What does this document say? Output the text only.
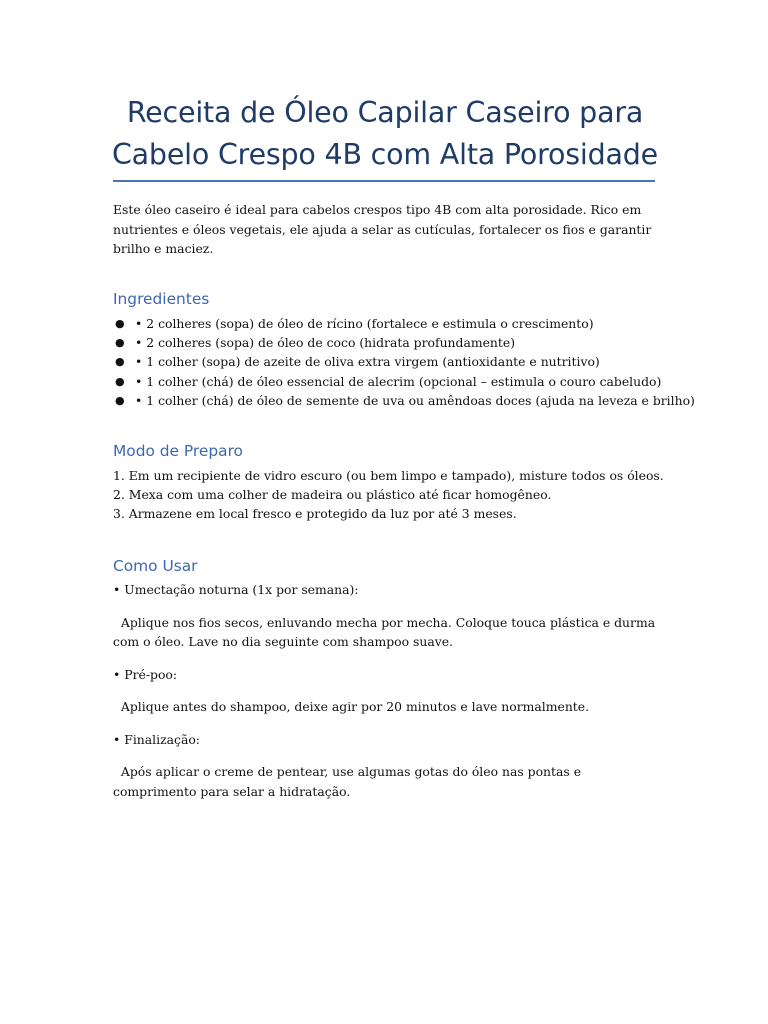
Receita de Óleo Capilar Caseiro para
Cabelo Crespo 4B com Alta Porosidade

Este óleo caseiro é ideal para cabelos crespos tipo 4B com alta porosidade. Rico em nutrientes e óleos vegetais, ele ajuda a selar as cutículas, fortalecer os fios e garantir brilho e maciez.

Ingredientes
● • 2 colheres (sopa) de óleo de rícino (fortalece e estimula o crescimento)
● • 2 colheres (sopa) de óleo de coco (hidrata profundamente)
● • 1 colher (sopa) de azeite de oliva extra virgem (antioxidante e nutritivo)
● • 1 colher (chá) de óleo essencial de alecrim (opcional – estimula o couro cabeludo)
● • 1 colher (chá) de óleo de semente de uva ou amêndoas doces (ajuda na leveza e brilho)
Modo de Preparo
1. Em um recipiente de vidro escuro (ou bem limpo e tampado), misture todos os óleos.
2. Mexa com uma colher de madeira ou plástico até ficar homogêneo.
3. Armazene em local fresco e protegido da luz por até 3 meses.
Como Usar

• Umectação noturna (1x por semana):

Aplique nos fios secos, enluvando mecha por mecha. Coloque touca plástica e durma com o óleo. Lave no dia seguinte com shampoo suave.

• Pré-poo:

Aplique antes do shampoo, deixe agir por 20 minutos e lave normalmente.

• Finalização:

Após aplicar o creme de pentear, use algumas gotas do óleo nas pontas e comprimento para selar a hidratação.
